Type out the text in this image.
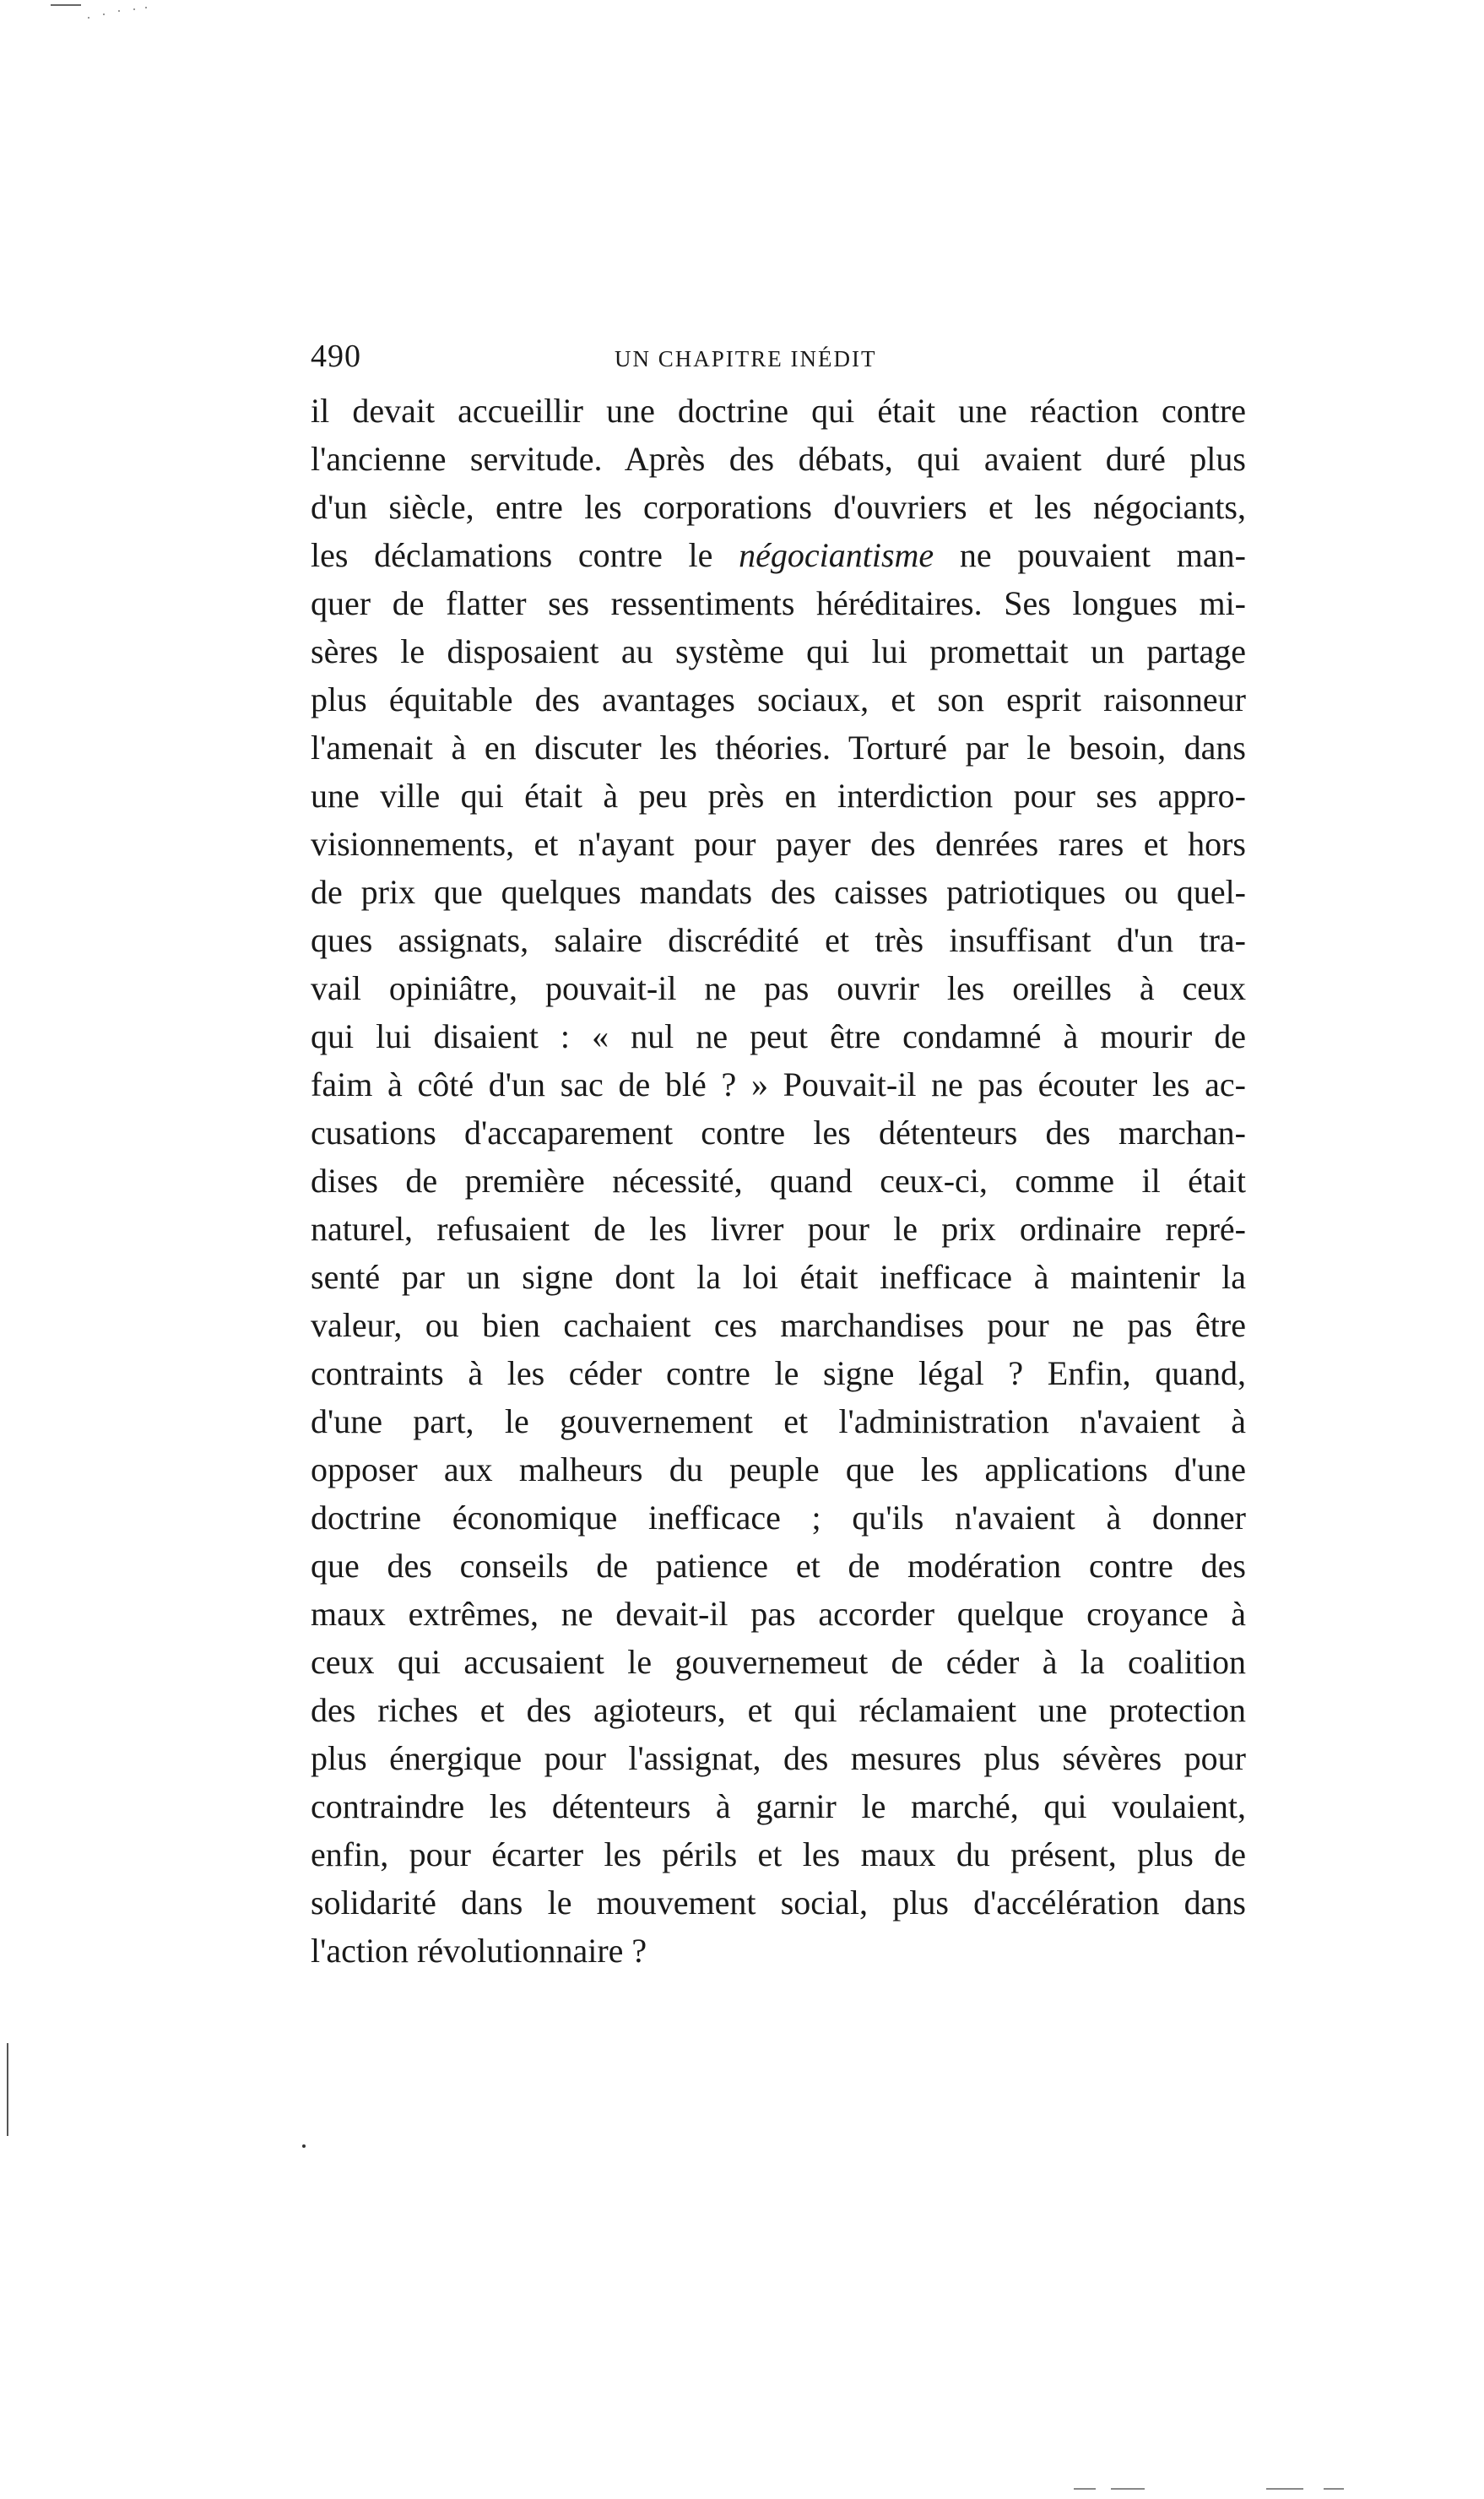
490	UN CHAPITRE INÉDIT
il devait accueillir une doctrine qui était une réaction contre
l'ancienne servitude. Après des débats, qui avaient duré plus
d'un siècle, entre les corporations d'ouvriers et les négociants,
les déclamations contre le négociantisme ne pouvaient man-
quer de flatter ses ressentiments héréditaires. Ses longues mi-
sères le disposaient au système qui lui promettait un partage
plus équitable des avantages sociaux, et son esprit raisonneur
l'amenait à en discuter les théories. Torturé par le besoin, dans
une ville qui était à peu près en interdiction pour ses appro-
visionnements, et n'ayant pour payer des denrées rares et hors
de prix que quelques mandats des caisses patriotiques ou quel-
ques assignats, salaire discrédité et très insuffisant d'un tra-
vail opiniâtre, pouvait-il ne pas ouvrir les oreilles à ceux
qui lui disaient : « nul ne peut être condamné à mourir de
faim à côté d'un sac de blé ? » Pouvait-il ne pas écouter les ac-
cusations d'accaparement contre les détenteurs des marchan-
dises de première nécessité, quand ceux-ci, comme il était
naturel, refusaient de les livrer pour le prix ordinaire repré-
senté par un signe dont la loi était inefficace à maintenir la
valeur, ou bien cachaient ces marchandises pour ne pas être
contraints à les céder contre le signe légal ? Enfin, quand,
d'une part, le gouvernement et l'administration n'avaient à
opposer aux malheurs du peuple que les applications d'une
doctrine économique inefficace ; qu'ils n'avaient à donner
que des conseils de patience et de modération contre des
maux extrêmes, ne devait-il pas accorder quelque croyance à
ceux qui accusaient le gouvernemeut de céder à la coalition
des riches et des agioteurs, et qui réclamaient une protection
plus énergique pour l'assignat, des mesures plus sévères pour
contraindre les détenteurs à garnir le marché, qui voulaient,
enfin, pour écarter les périls et les maux du présent, plus de
solidarité dans le mouvement social, plus d'accélération dans
l'action révolutionnaire ?
